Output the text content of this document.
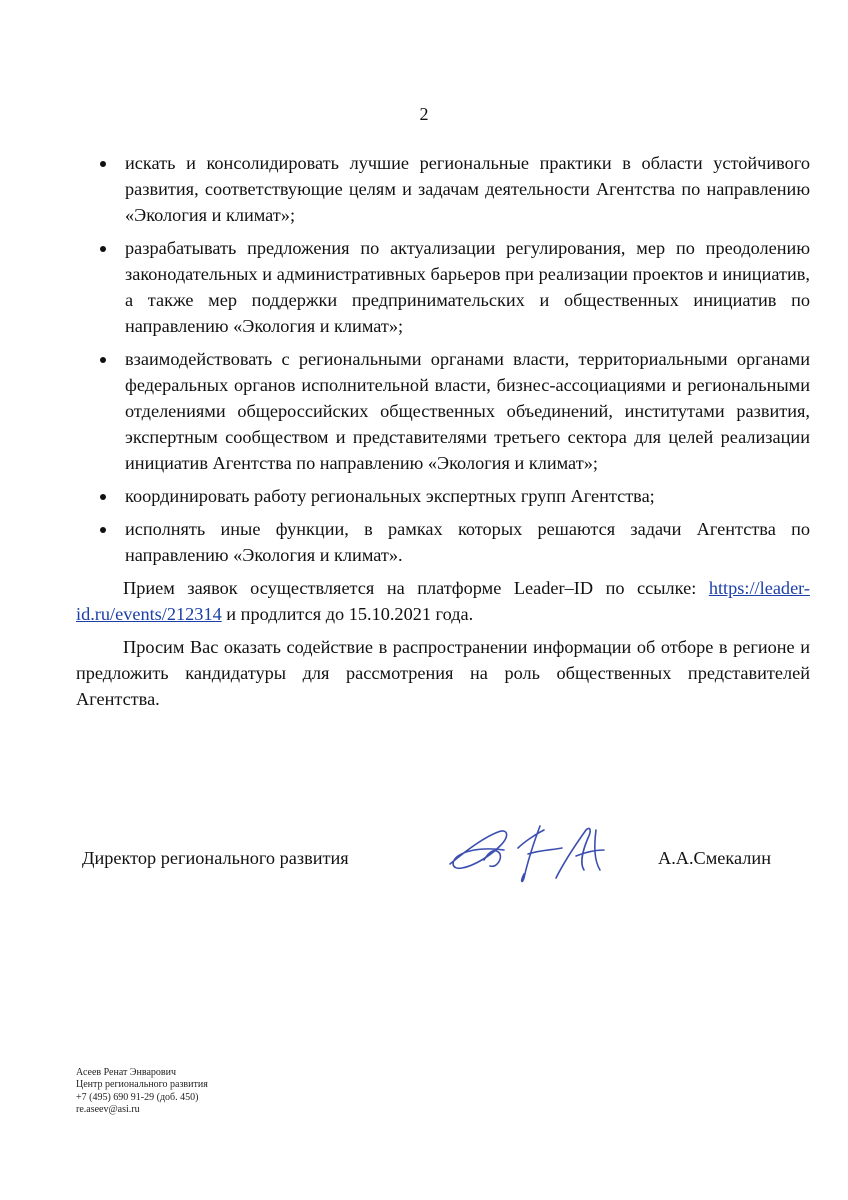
2
искать и консолидировать лучшие региональные практики в области устойчивого развития, соответствующие целям и задачам деятельности Агентства по направлению «Экология и климат»;
разрабатывать предложения по актуализации регулирования, мер по преодолению законодательных и административных барьеров при реализации проектов и инициатив, а также мер поддержки предпринимательских и общественных инициатив по направлению «Экология и климат»;
взаимодействовать с региональными органами власти, территориальными органами федеральных органов исполнительной власти, бизнес-ассоциациями и региональными отделениями общероссийских общественных объединений, институтами развития, экспертным сообществом и представителями третьего сектора для целей реализации инициатив Агентства по направлению «Экология и климат»;
координировать работу региональных экспертных групп Агентства;
исполнять иные функции, в рамках которых решаются задачи Агентства по направлению «Экология и климат».

Прием заявок осуществляется на платформе Leader–ID по ссылке: https://leader-id.ru/events/212314 и продлится до 15.10.2021 года.

Просим Вас оказать содействие в распространении информации об отборе в регионе и предложить кандидатуры для рассмотрения на роль общественных представителей Агентства.

Директор регионального развития	А.А.Смекалин
Асеев Ренат Энварович
Центр регионального развития
+7 (495) 690 91-29 (доб. 450)
re.aseev@asi.ru
